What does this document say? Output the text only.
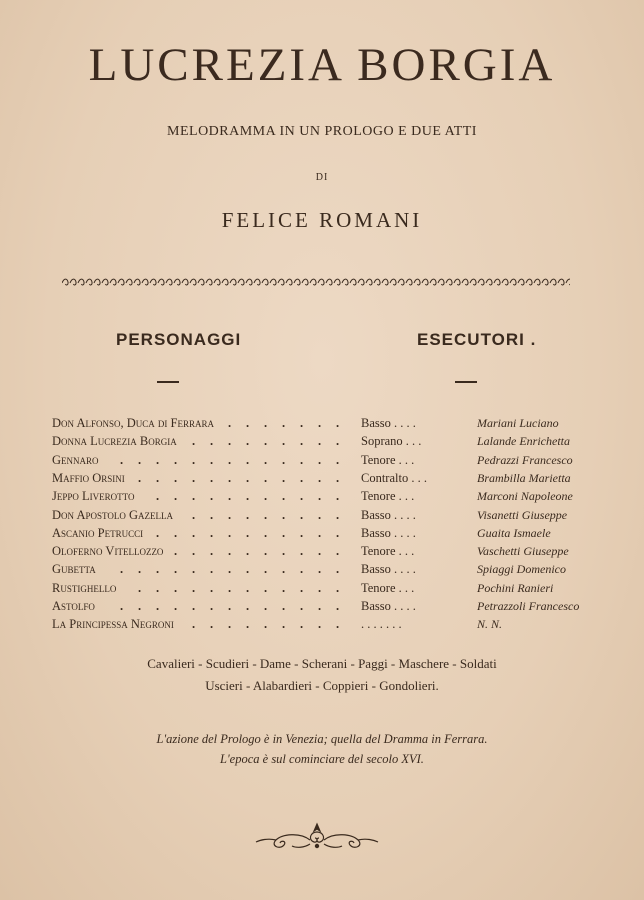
LUCREZIA BORGIA
MELODRAMMA IN UN PROLOGO E DUE ATTI
DI
FELICE ROMANI
PERSONAGGI	ESECUTORI .
Don Alfonso, Duca di Ferrara . . . . . . . Basso . . . .	Mariani Luciano
Donna Lucrezia Borgia . . . . . . . . . Soprano . . .	Lalande Enrichetta
Gennaro . . . . . . . . . . . . . Tenore . . .	Pedrazzi Francesco
Maffio Orsini . . . . . . . . . . . . Contralto . . .	Brambilla Marietta
Jeppo Liverotto . . . . . . . . . . . Tenore . . .	Marconi Napoleone
Don Apostolo Gazella . . . . . . . . . Basso . . . .	Visanetti Giuseppe
Ascanio Petrucci . . . . . . . . . . . Basso . . . .	Guaita Ismaele
Oloferno Vitellozzo . . . . . . . . . . Tenore . . .	Vaschetti Giuseppe
Gubetta . . . . . . . . . . . . . Basso . . . .	Spiaggi Domenico
Rustighello . . . . . . . . . . . . Tenore . . .	Pochini Ranieri
Astolfo . . . . . . . . . . . . . Basso . . . .	Petrazzoli Francesco
La Principessa Negroni . . . . . . . . . . . . . . . .	N. N.
Cavalieri - Scudieri - Dame - Scherani - Paggi - Maschere - Soldati
Uscieri - Alabardieri - Coppieri - Gondolieri.
L'azione del Prologo è in Venezia; quella del Dramma in Ferrara.
L'epoca è sul cominciare del secolo XVI.
